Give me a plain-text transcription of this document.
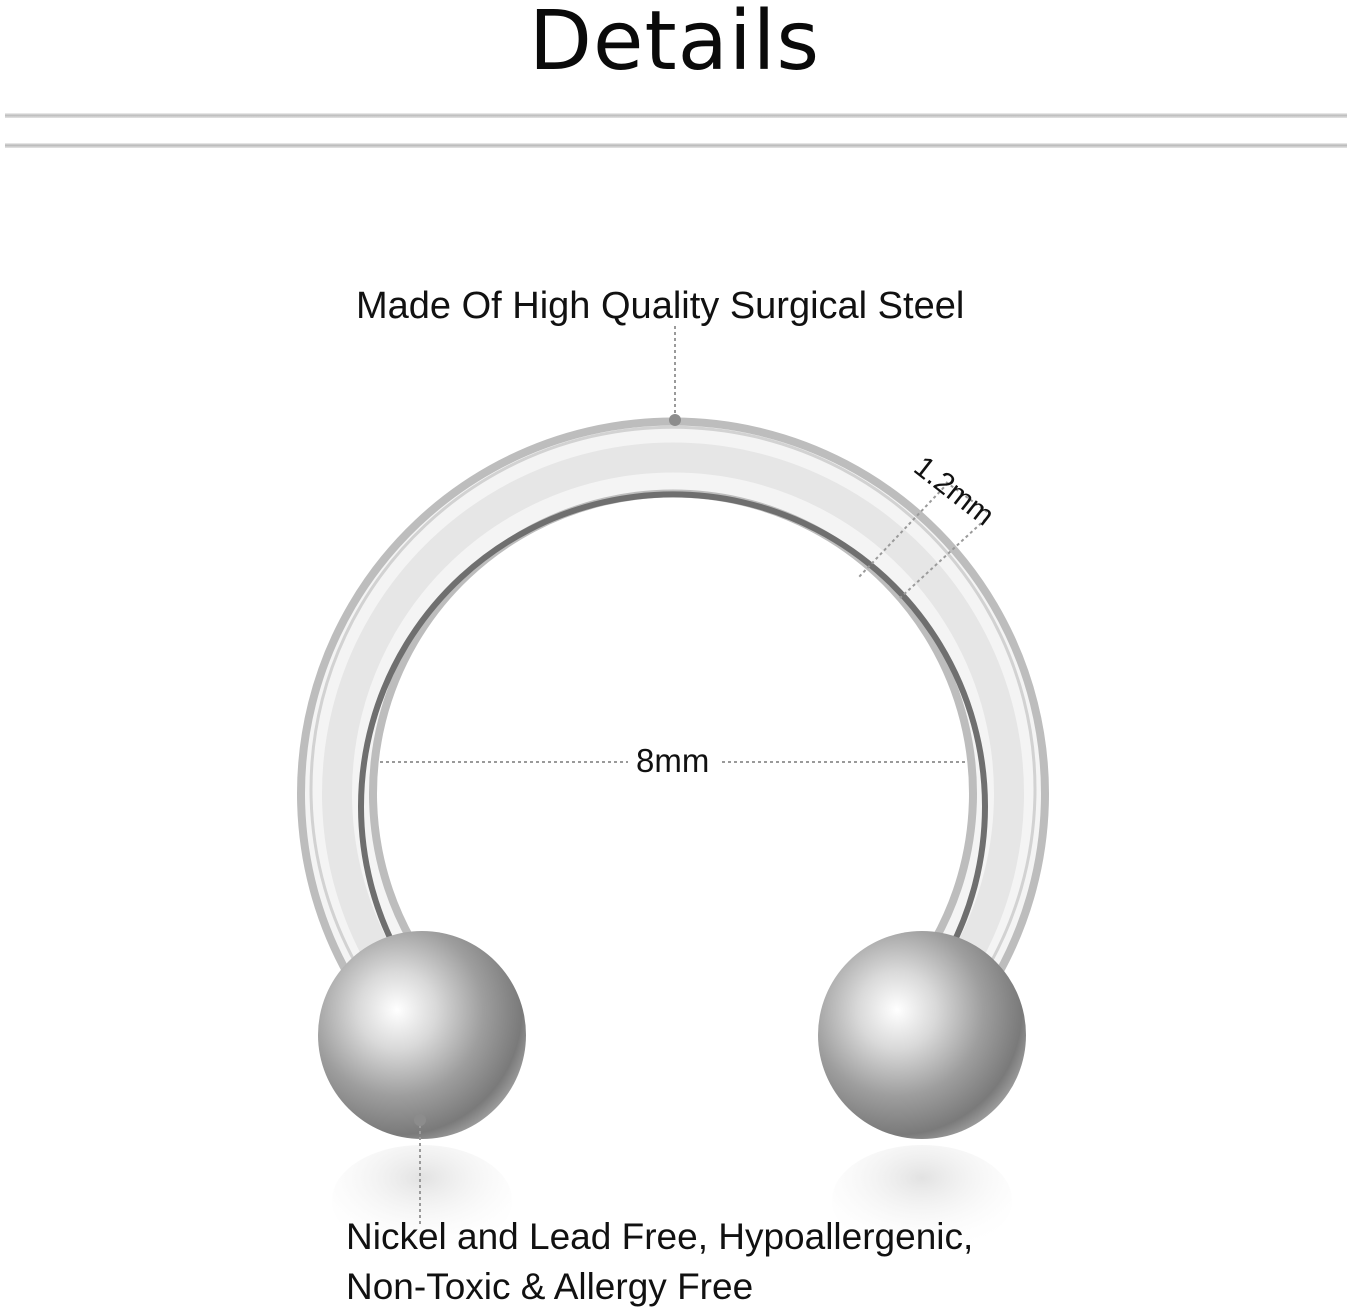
Details
Made Of High Quality Surgical Steel
1.2mm
8mm
Nickel and Lead Free, Hypoallergenic,
Non-Toxic & Allergy Free
